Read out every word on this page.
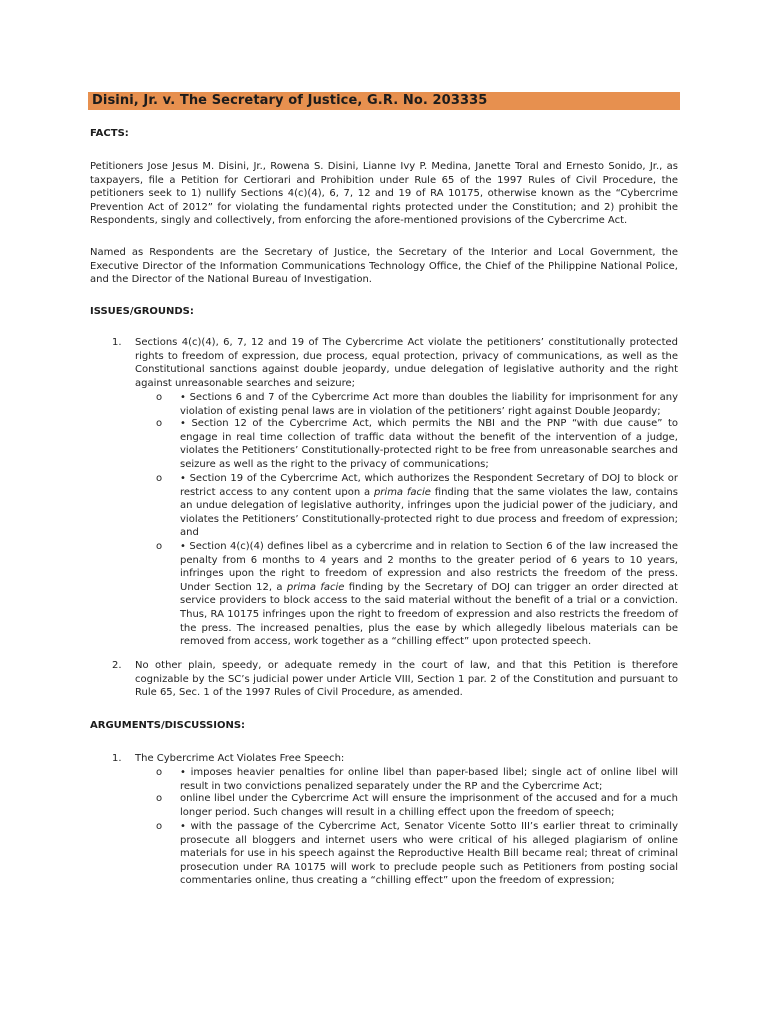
Disini, Jr. v. The Secretary of Justice, G.R. No. 203335
FACTS:
Petitioners Jose Jesus M. Disini, Jr., Rowena S. Disini, Lianne Ivy P. Medina, Janette Toral and Ernesto Sonido, Jr., as taxpayers, file a Petition for Certiorari and Prohibition under Rule 65 of the 1997 Rules of Civil Procedure, the petitioners seek to 1) nullify Sections 4(c)(4), 6, 7, 12 and 19 of RA 10175, otherwise known as the “Cybercrime Prevention Act of 2012” for violating the fundamental rights protected under the Constitution; and 2) prohibit the Respondents, singly and collectively, from enforcing the afore-mentioned provisions of the Cybercrime Act.
Named as Respondents are the Secretary of Justice, the Secretary of the Interior and Local Government, the Executive Director of the Information Communications Technology Office, the Chief of the Philippine National Police, and the Director of the National Bureau of Investigation.
ISSUES/GROUNDS:
1. Sections 4(c)(4), 6, 7, 12 and 19 of The Cybercrime Act violate the petitioners’ constitutionally protected rights to freedom of expression, due process, equal protection, privacy of communications, as well as the Constitutional sanctions against double jeopardy, undue delegation of legislative authority and the right against unreasonable searches and seizure;
o • Sections 6 and 7 of the Cybercrime Act more than doubles the liability for imprisonment for any violation of existing penal laws are in violation of the petitioners’ right against Double Jeopardy;
o • Section 12 of the Cybercrime Act, which permits the NBI and the PNP “with due cause” to engage in real time collection of traffic data without the benefit of the intervention of a judge, violates the Petitioners’ Constitutionally-protected right to be free from unreasonable searches and seizure as well as the right to the privacy of communications;
o • Section 19 of the Cybercrime Act, which authorizes the Respondent Secretary of DOJ to block or restrict access to any content upon a prima facie finding that the same violates the law, contains an undue delegation of legislative authority, infringes upon the judicial power of the judiciary, and violates the Petitioners’ Constitutionally-protected right to due process and freedom of expression; and
o • Section 4(c)(4) defines libel as a cybercrime and in relation to Section 6 of the law increased the penalty from 6 months to 4 years and 2 months to the greater period of 6 years to 10 years, infringes upon the right to freedom of expression and also restricts the freedom of the press. Under Section 12, a prima facie finding by the Secretary of DOJ can trigger an order directed at service providers to block access to the said material without the benefit of a trial or a conviction. Thus, RA 10175 infringes upon the right to freedom of expression and also restricts the freedom of the press. The increased penalties, plus the ease by which allegedly libelous materials can be removed from access, work together as a “chilling effect” upon protected speech.
2. No other plain, speedy, or adequate remedy in the court of law, and that this Petition is therefore cognizable by the SC’s judicial power under Article VIII, Section 1 par. 2 of the Constitution and pursuant to Rule 65, Sec. 1 of the 1997 Rules of Civil Procedure, as amended.
ARGUMENTS/DISCUSSIONS:
1. The Cybercrime Act Violates Free Speech:
o • imposes heavier penalties for online libel than paper-based libel; single act of online libel will result in two convictions penalized separately under the RP and the Cybercrime Act;
o online libel under the Cybercrime Act will ensure the imprisonment of the accused and for a much longer period. Such changes will result in a chilling effect upon the freedom of speech;
o • with the passage of the Cybercrime Act, Senator Vicente Sotto III’s earlier threat to criminally prosecute all bloggers and internet users who were critical of his alleged plagiarism of online materials for use in his speech against the Reproductive Health Bill became real; threat of criminal prosecution under RA 10175 will work to preclude people such as Petitioners from posting social commentaries online, thus creating a “chilling effect” upon the freedom of expression;
